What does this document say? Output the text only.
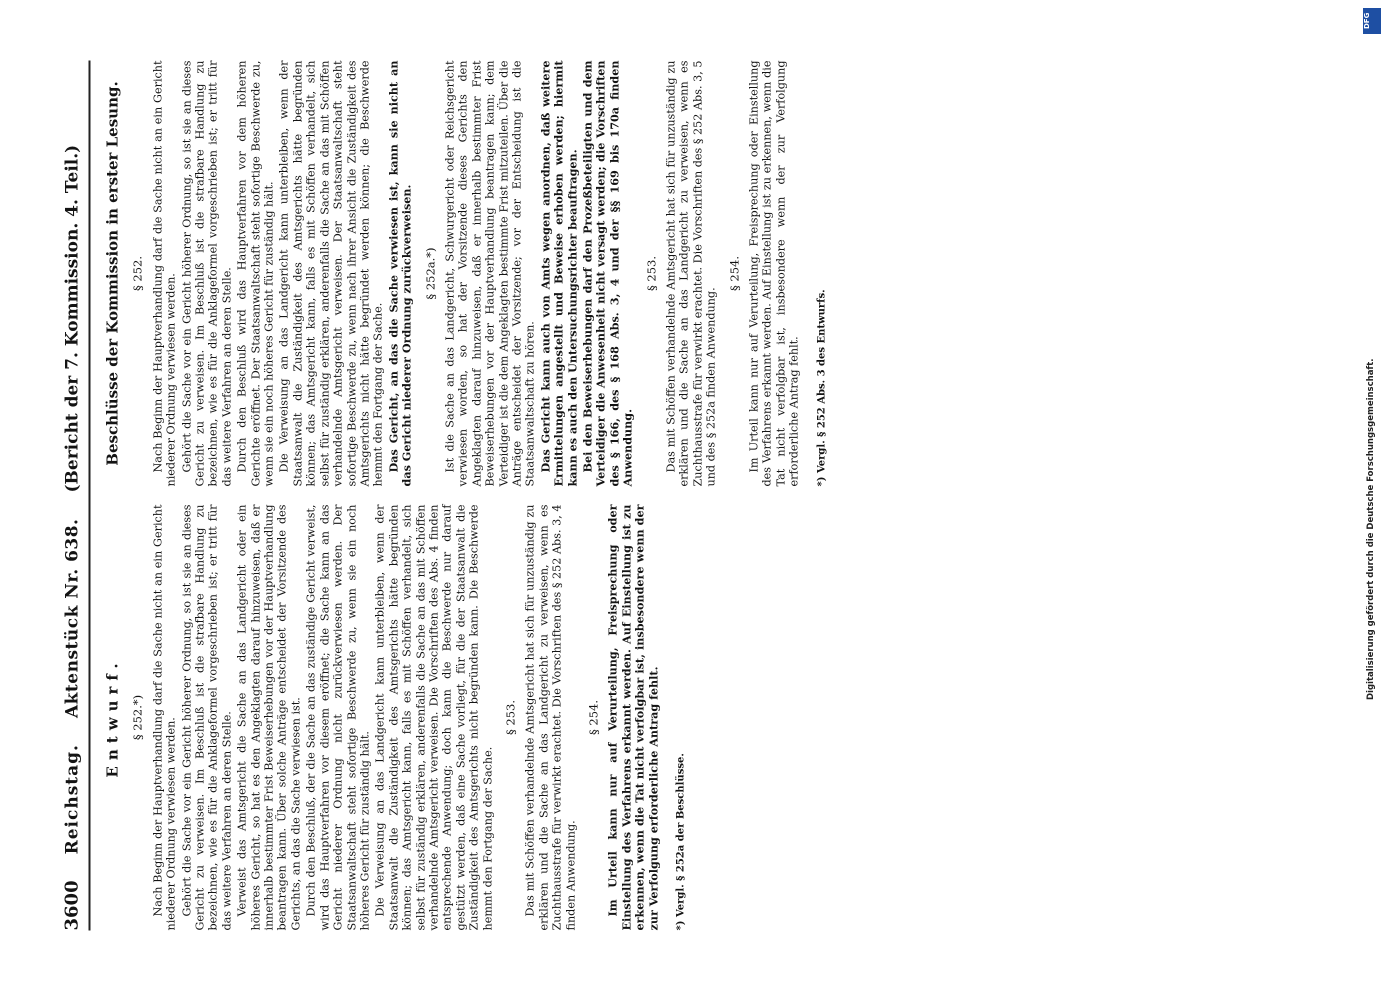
3600
Reichstag.
Aktenstück Nr. 638.
(Bericht der 7. Kommission. 4. Teil.)
Entwurf. § 252.*) Nach Beginn der Hauptverhandlung darf die Sache nicht an ein Gericht niederer Ordnung verwiesen werden. Gehört die Sache vor ein Gericht höherer Ordnung, so ist sie an dieses Gericht zu verweisen. Im Beschluß ist die strafbare Handlung zu bezeichnen, wie es für die Anklageformel vorgeschrieben ist; er tritt für das weitere Verfahren an deren Stelle. Verweist das Amtsgericht die Sache an das Landgericht oder ein höheres Gericht, so hat es den Angeklagten darauf hinzuweisen, daß er innerhalb bestimmter Frist Beweiserhebungen vor der Hauptverhandlung beantragen kann. Über solche Anträge entscheidet der Vorsitzende des Gerichts, an das die Sache verwiesen ist. Durch den Beschluß, der die Sache an das zuständige Gericht verweist, wird das Hauptverfahren vor diesem eröffnet; die Sache kann an das Gericht niederer Ordnung nicht zurückverwiesen werden. Der Staatsanwaltschaft steht sofortige Beschwerde zu, wenn sie ein noch höheres Gericht für zuständig hält. Die Verweisung an das Landgericht kann unterbleiben, wenn der Staatsanwalt die Zuständigkeit des Amtsgerichts hätte begründen können; das Amtsgericht kann, falls es mit Schöffen verhandelt, sich selbst für zuständig erklären, anderenfalls die Sache an das mit Schöffen verhandelnde Amtsgericht verweisen. Die Vorschriften des Abs. 4 finden entsprechende Anwendung; doch kann die Beschwerde nur darauf gestützt werden, daß eine Sache vorliegt, für die der Staatsanwalt die Zuständigkeit des Amtsgerichts nicht begründen kann. Die Beschwerde hemmt den Fortgang der Sache.

§ 253. Das mit Schöffen verhandelnde Amtsgericht hat sich für unzuständig zu erklären und die Sache an das Landgericht zu verweisen, wenn es Zuchthausstrafe für verwirkt erachtet. Die Vorschriften des § 252 Abs. 3, 4 finden Anwendung.

§ 254. Im Urteil kann nur auf Verurteilung, Freisprechung oder Einstellung des Verfahrens erkannt werden. Auf Einstellung ist zu erkennen, wenn die Tat nicht verfolgbar ist, insbesondere wenn der zur Verfolgung erforderliche Antrag fehlt. *) Vergl. § 252a der Beschlüsse.
Beschlüsse der Kommission in erster Lesung. § 252. Nach Beginn der Hauptverhandlung darf die Sache nicht an ein Gericht niederer Ordnung verwiesen werden. Gehört die Sache vor ein Gericht höherer Ordnung, so ist sie an dieses Gericht zu verweisen. Im Beschluß ist die strafbare Handlung zu bezeichnen, wie es für die Anklageformel vorgeschrieben ist; er tritt für das weitere Verfahren an deren Stelle. Durch den Beschluß wird das Hauptverfahren vor dem höheren Gerichte eröffnet. Der Staatsanwaltschaft steht sofortige Beschwerde zu, wenn sie ein noch höheres Gericht für zuständig hält. Die Verweisung an das Landgericht kann unterbleiben, wenn der Staatsanwalt die Zuständigkeit des Amtsgerichts hätte begründen können; das Amtsgericht kann, falls es mit Schöffen verhandelt, sich selbst für zuständig erklären, anderenfalls die Sache an das mit Schöffen verhandelnde Amtsgericht verweisen. Der Staatsanwaltschaft steht sofortige Beschwerde zu, wenn nach ihrer Ansicht die Zuständigkeit des Amtsgerichts nicht hätte begründet werden können; die Beschwerde hemmt den Fortgang der Sache. Das Gericht, an das die Sache verwiesen ist, kann sie nicht an das Gericht niederer Ordnung zurückverweisen. § 252a.*) Ist die Sache an das Landgericht, Schwurgericht oder Reichsgericht verwiesen worden, so hat der Vorsitzende dieses Gerichts den Angeklagten darauf hinzuweisen, daß er innerhalb bestimmter Frist Beweiserhebungen vor der Hauptverhandlung beantragen kann; dem Verteidiger ist die dem Angeklagten bestimmte Frist mitzuteilen. Über die Anträge entscheidet der Vorsitzende; vor der Entscheidung ist die Staatsanwaltschaft zu hören. Das Gericht kann auch von Amts wegen anordnen, daß weitere Ermittelungen angestellt und Beweise erhoben werden; hiermit kann es auch den Untersuchungsrichter beauftragen. Bei den Beweiserhebungen darf den Prozeßbeteiligten und dem Verteidiger die Anwesenheit nicht versagt werden; die Vorschriften des § 166, des § 168 Abs. 3, 4 und der §§ 169 bis 170a finden Anwendung.

§ 253. Das mit Schöffen verhandelnde Amtsgericht hat sich für unzuständig zu erklären und die Sache an das Landgericht zu verweisen, wenn es Zuchthausstrafe für verwirkt erachtet. Die Vorschriften des § 252 Abs. 3, 5 und des § 252a finden Anwendung.

§ 254. Im Urteil kann nur auf Verurteilung, Freisprechung oder Einstellung des Verfahrens erkannt werden. Auf Einstellung ist zu erkennen, wenn die Tat nicht verfolgbar ist, insbesondere wenn der zur Verfolgung erforderliche Antrag fehlt. *) Vergl. § 252 Abs. 3 des Entwurfs.
DFG
Digitalisierung gefördert durch die Deutsche Forschungsgemeinschaft.
